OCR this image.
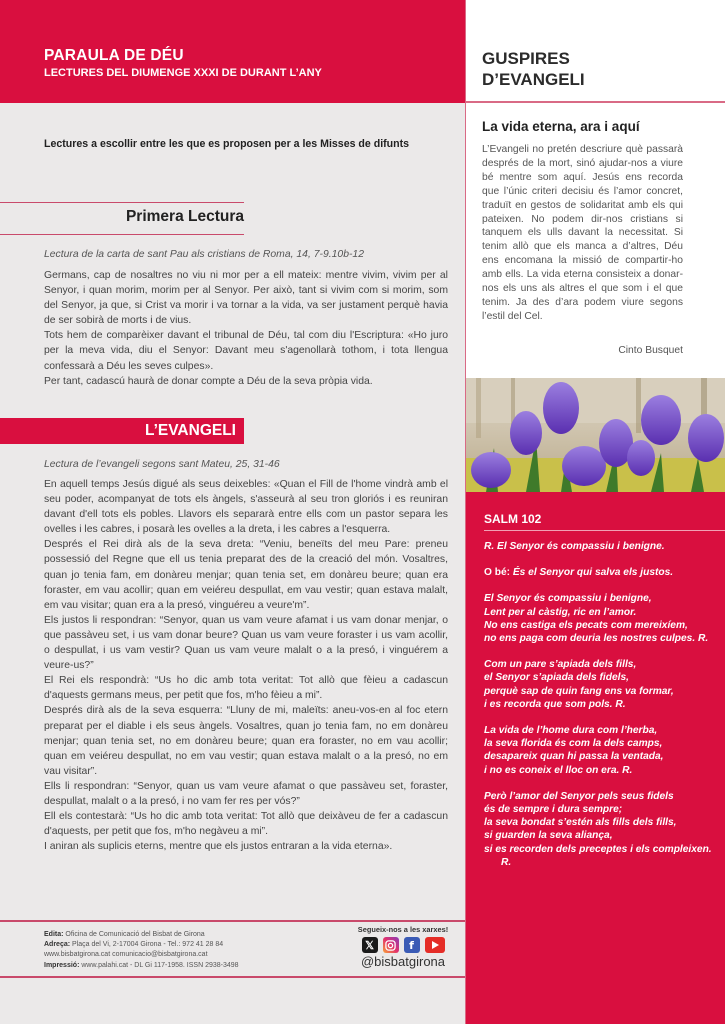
PARAULA DE DÉU
LECTURES DEL DIUMENGE XXXI DE DURANT L’ANY
Lectures a escollir entre les que es proposen per a les Misses de difunts
Primera Lectura
Lectura de la carta de sant Pau als cristians de Roma, 14, 7-9.10b-12

Germans, cap de nosaltres no viu ni mor per a ell mateix: mentre vivim, vivim per al Senyor, i quan morim, morim per al Senyor. Per això, tant si vivim com si morim, som del Senyor, ja que, si Crist va morir i va tornar a la vida, va ser justament perquè havia de ser sobirà de morts i de vius.

Tots hem de comparèixer davant el tribunal de Déu, tal com diu l'Escriptura: «Ho juro per la meva vida, diu el Senyor: Davant meu s'agenollarà tothom, i tota llengua confessarà a Déu les seves culpes».

Per tant, cadascú haurà de donar compte a Déu de la seva pròpia vida.

L’EVANGELI
Lectura de l’evangeli segons sant Mateu, 25, 31-46

En aquell temps Jesús digué als seus deixebles: «Quan el Fill de l'home vindrà amb el seu poder, acompanyat de tots els àngels, s'asseurà al seu tron gloriós i es reuniran davant d'ell tots els pobles. Llavors els separarà entre ells com un pastor separa les ovelles i les cabres, i posarà les ovelles a la dreta, i les cabres a l'esquerra.

Després el Rei dirà als de la seva dreta: “Veniu, beneïts del meu Pare: preneu possessió del Regne que ell us tenia preparat des de la creació del món. Vosaltres, quan jo tenia fam, em donàreu menjar; quan tenia set, em donàreu beure; quan era foraster, em vau acollir; quan em veiéreu despullat, em vau vestir; quan estava malalt, em vau visitar; quan era a la presó, vinguéreu a veure'm”.

Els justos li respondran: “Senyor, quan us vam veure afamat i us vam donar menjar, o que passàveu set, i us vam donar beure? Quan us vam veure foraster i us vam acollir, o despullat, i us vam vestir? Quan us vam veure malalt o a la presó, i vinguérem a veure-us?”

El Rei els respondrà: “Us ho dic amb tota veritat: Tot allò que fèieu a cadascun d'aquests germans meus, per petit que fos, m'ho fèieu a mi”.

Després dirà als de la seva esquerra: “Lluny de mi, maleïts: aneu-vos-en al foc etern preparat per el diable i els seus àngels. Vosaltres, quan jo tenia fam, no em donàreu menjar; quan tenia set, no em donàreu beure; quan era foraster, no em vau acollir; quan em veiéreu despullat, no em vau vestir; quan estava malalt o a la presó, no em vau visitar”.

Ells li respondran: “Senyor, quan us vam veure afamat o que passàveu set, foraster, despullat, malalt o a la presó, i no vam fer res per vós?”

Ell els contestarà: “Us ho dic amb tota veritat: Tot allò que deixàveu de fer a cadascun d'aquests, per petit que fos, m'ho negàveu a mi”.

I aniran als suplicis eterns, mentre que els justos entraran a la vida eterna».

Edita: Oficina de Comunicació del Bisbat de Girona
Adreça: Plaça del Vi, 2-17004 Girona - Tel.: 972 41 28 84
www.bisbatgirona.cat comunicacio@bisbatgirona.cat
Impressió: www.palahi.cat - DL Gi 117-1958. ISSN 2938-3498
Segueix-nos a les xarxes!
𝕏	f
@bisbatgirona
GUSPIRES
D’EVANGELI
La vida eterna, ara i aquí
L’Evangeli no pretén descriure què passarà després de la mort, sinó ajudar-nos a viure bé mentre som aquí. Jesús ens recorda que l’únic criteri decisiu és l’amor concret, traduït en gestos de solidaritat amb els qui pateixen. No podem dir-nos cristians si tanquem els ulls davant la necessitat. Si tenim allò que els manca a d’altres, Déu ens encomana la missió de compartir-ho amb ells. La vida eterna consisteix a donar-nos els uns als altres el que som i el que tenim. Ja des d’ara podem viure segons l’estil del Cel.
Cinto Busquet
SALM 102
R. El Senyor és compassiu i benigne.
O bé: És el Senyor qui salva els justos.
El Senyor és compassiu i benigne,
Lent per al càstig, ric en l’amor.
No ens castiga els pecats com mereixíem,
no ens paga com deuria les nostres culpes. R.
Com un pare s’apiada dels fills,
el Senyor s’apiada dels fidels,
perquè sap de quin fang ens va formar,
i es recorda que som pols. R.
La vida de l’home dura com l’herba,
la seva florida és com la dels camps,
desapareix quan hi passa la ventada,
i no es coneix el lloc on era. R.
Però l’amor del Senyor pels seus fidels
és de sempre i dura sempre;
la seva bondat s’estén als fills dels fills,
si guarden la seva aliança,
si es recorden dels preceptes i els compleixen. R.
